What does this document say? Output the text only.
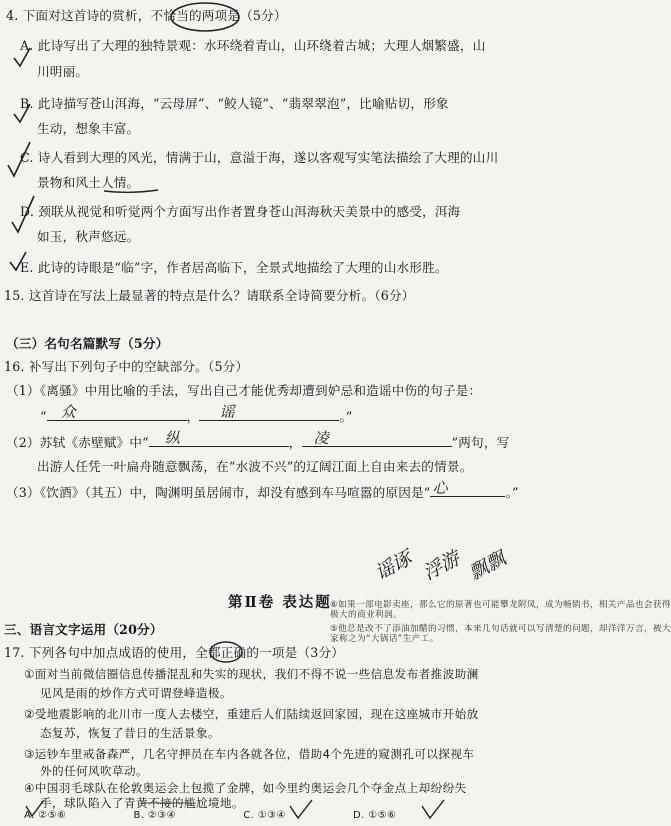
4. 下面对这首诗的赏析，不恰当的两项是（5分）
A. 此诗写出了大理的独特景观：水环绕着青山，山环绕着古城；大理人烟繁盛，山
川明丽。
B. 此诗描写苍山洱海，“云母屏”、“鲛人镜”、“翡翠翠泡”，比喻贴切，形象
生动，想象丰富。
C. 诗人看到大理的风光，情满于山，意溢于海，遂以客观写实笔法描绘了大理的山川
景物和风土人情。
D. 颈联从视觉和听觉两个方面写出作者置身苍山洱海秋天美景中的感受，洱海
如玉，秋声悠远。
E. 此诗的诗眼是“临”字，作者居高临下，全景式地描绘了大理的山水形胜。
15. 这首诗在写法上最显著的特点是什么？请联系全诗简要分析。（6分）
（三）名句名篇默写（5分）
16. 补写出下列句子中的空缺部分。（5分）
（1）《离骚》中用比喻的手法，写出自己才能优秀却遭到妒忌和造谣中伤的句子是：
“ 众	， 谣	。”
（2）苏轼《赤壁赋》中“ 纵	， 凌	”两句，写
出游人任凭一叶扁舟随意飘荡，在“水波不兴”的辽阔江面上自由来去的情景。
（3）《饮酒》（其五）中，陶渊明虽居闹市，却没有感到车马喧嚣的原因是“ 心	。”
谣诼 浮游 飘飘
第Ⅱ卷 表达题
三、语言文字运用（20分）
17. 下列各句中加点成语的使用，全都正确的一项是（3分）
①面对当前微信圈信息传播混乱和失实的现状，我们不得不说一些信息发布者推波助澜
见风是雨的炒作方式可谓登峰造极。
②受地震影响的北川市一度人去楼空，重建后人们陆续返回家园，现在这座城市开始放
态复苏，恢复了昔日的生活景象。
③运钞车里戒备森严，几名守押员在车内各就各位，借助4个先进的窥测孔可以探视车
外的任何风吹草动。
④中国羽毛球队在伦敦奥运会上包揽了金牌，如今里约奥运会几个夺金点上却纷纷失
手，球队陷入了青黄不接的尴尬境地。
A. ②⑤⑥	B. ②③④	C. ①③④	D. ①⑤⑥
⑤他总是改不了添油加醋的习惯，本来几句话就可以写清楚的问题，却洋洋万言，被大
家称之为“大锅话”生产工。
⑥如果一部电影卖座，那么它的原著也可能攀龙附凤，成为畅销书，相关产品也会获得
极大的商业利润。
